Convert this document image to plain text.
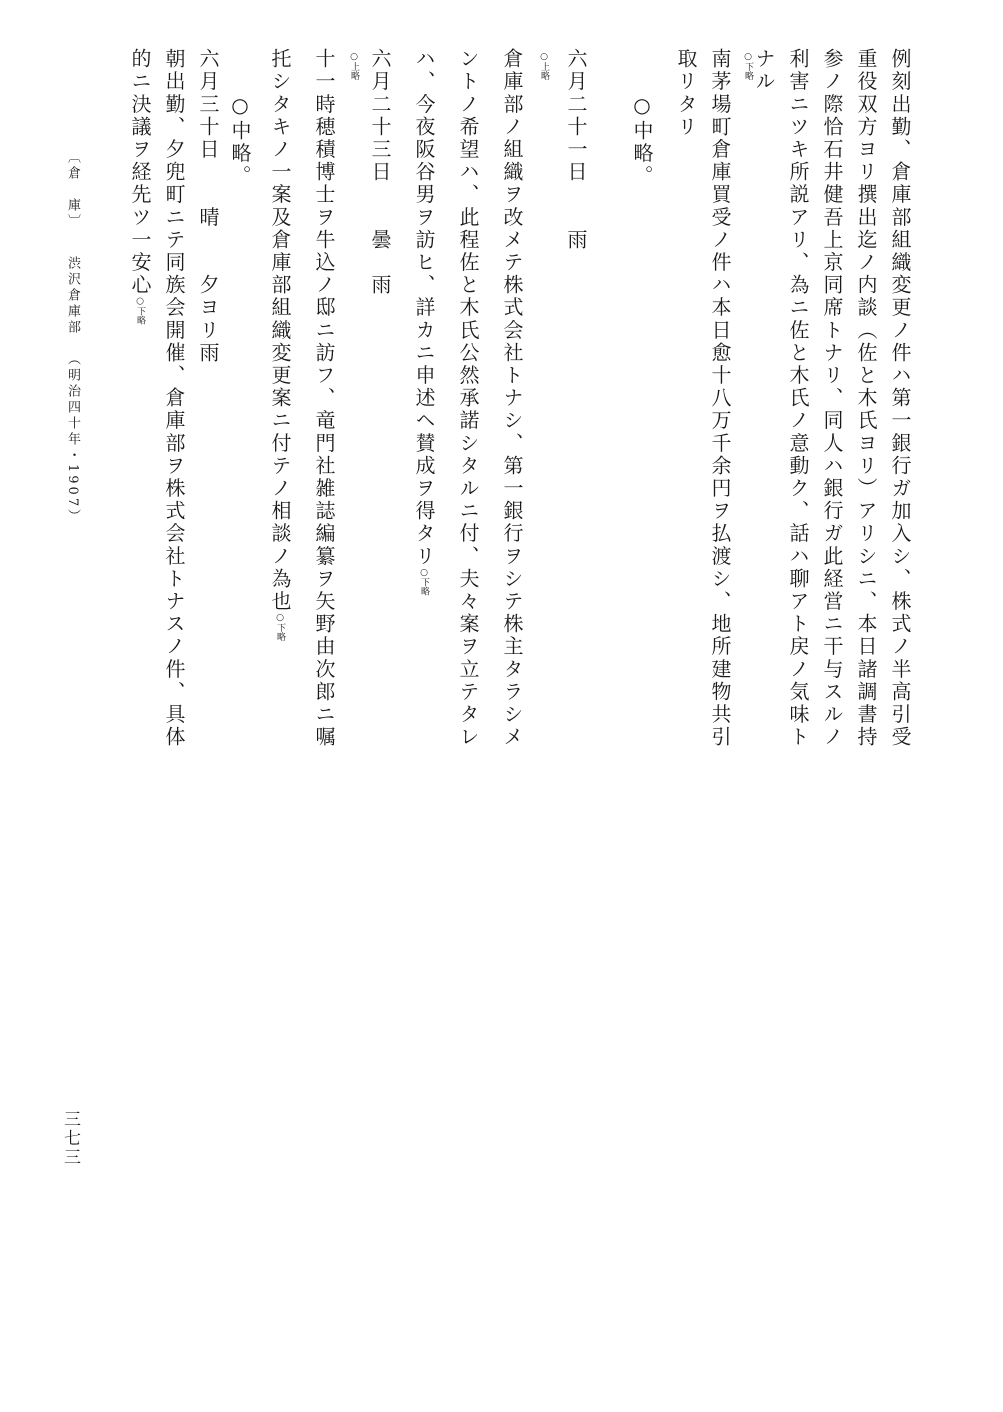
例刻出勤、倉庫部組織変更ノ件ハ第一銀行ガ加入シ、株式ノ半高引受
重役双方ヨリ撰出迄ノ内談（佐と木氏ヨリ）アリシニ、本日諸調書持
参ノ際恰石井健吾上京同席トナリ、同人ハ銀行ガ此経営ニ干与スルノ
利害ニツキ所説アリ、為ニ佐と木氏ノ意動ク、話ハ聊アト戻ノ気味ト
ナル
○下略
南茅場町倉庫買受ノ件ハ本日愈十八万千余円ヲ払渡シ、地所建物共引
取リタリ
　　○中略。
六月二十一日　　雨
○上略
倉庫部ノ組織ヲ改メテ株式会社トナシ、第一銀行ヲシテ株主タラシメ
ントノ希望ハ、此程佐と木氏公然承諾シタルニ付、夫々案ヲ立テタレ
ハ、今夜阪谷男ヲ訪ヒ、詳カニ申述ヘ賛成ヲ得タリ○下略
六月二十三日　　曇　雨
○上略
十一時穂積博士ヲ牛込ノ邸ニ訪フ、竜門社雑誌編纂ヲ矢野由次郎ニ嘱
托シタキノ一案及倉庫部組織変更案ニ付テノ相談ノ為也○下略
　　○中略。
六月三十日　　晴　　夕ヨリ雨
朝出勤、夕兜町ニテ同族会開催、倉庫部ヲ株式会社トナスノ件、具体
的ニ決議ヲ経先ツ一安心○下略
〔倉　庫〕渋沢倉庫部（明治四十年・1907）
三七三
